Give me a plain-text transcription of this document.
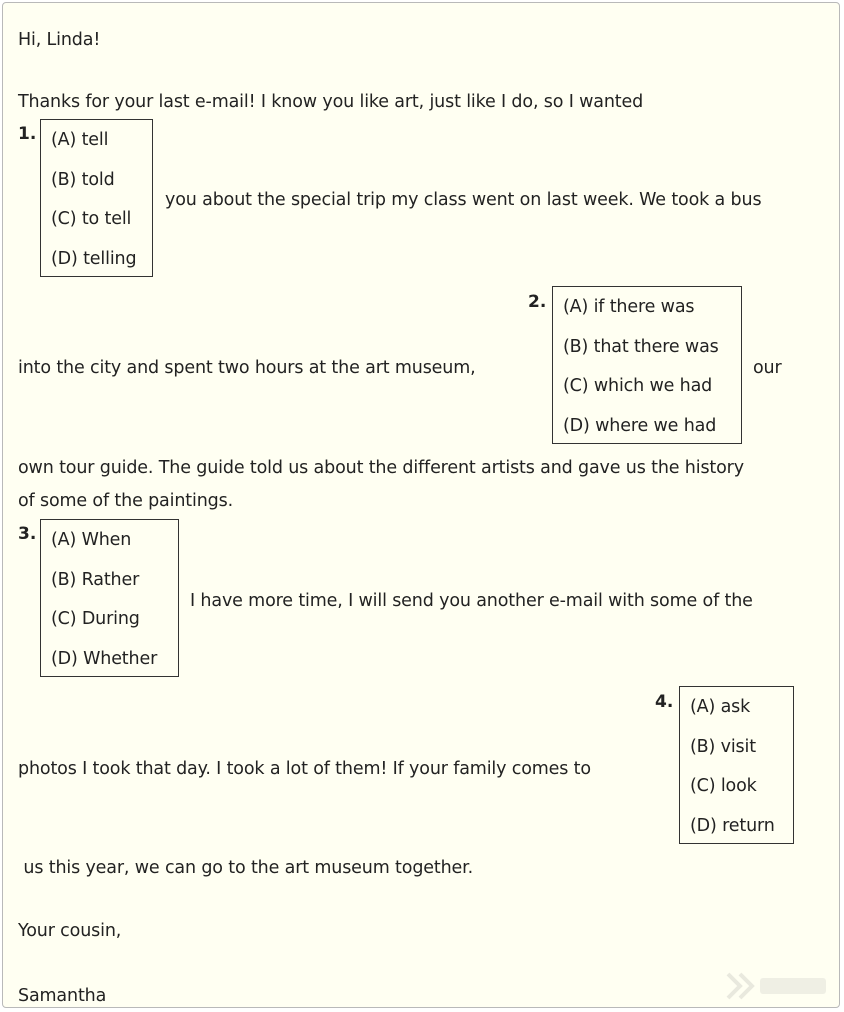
Hi, Linda!
Thanks for your last e-mail! I know you like art, just like I do, so I wanted
1. (A) tell
(B) told
(C) to tell
(D) telling
you about the special trip my class went on last week. We took a bus
into the city and spent two hours at the art museum,
2. (A) if there was
(B) that there was
(C) which we had
(D) where we had
our
own tour guide. The guide told us about the different artists and gave us the history
of some of the paintings.
3. (A) When
(B) Rather
(C) During
(D) Whether
I have more time, I will send you another e-mail with some of the
photos I took that day. I took a lot of them! If your family comes to
4. (A) ask
(B) visit
(C) look
(D) return
us this year, we can go to the art museum together.
Your cousin,
Samantha
